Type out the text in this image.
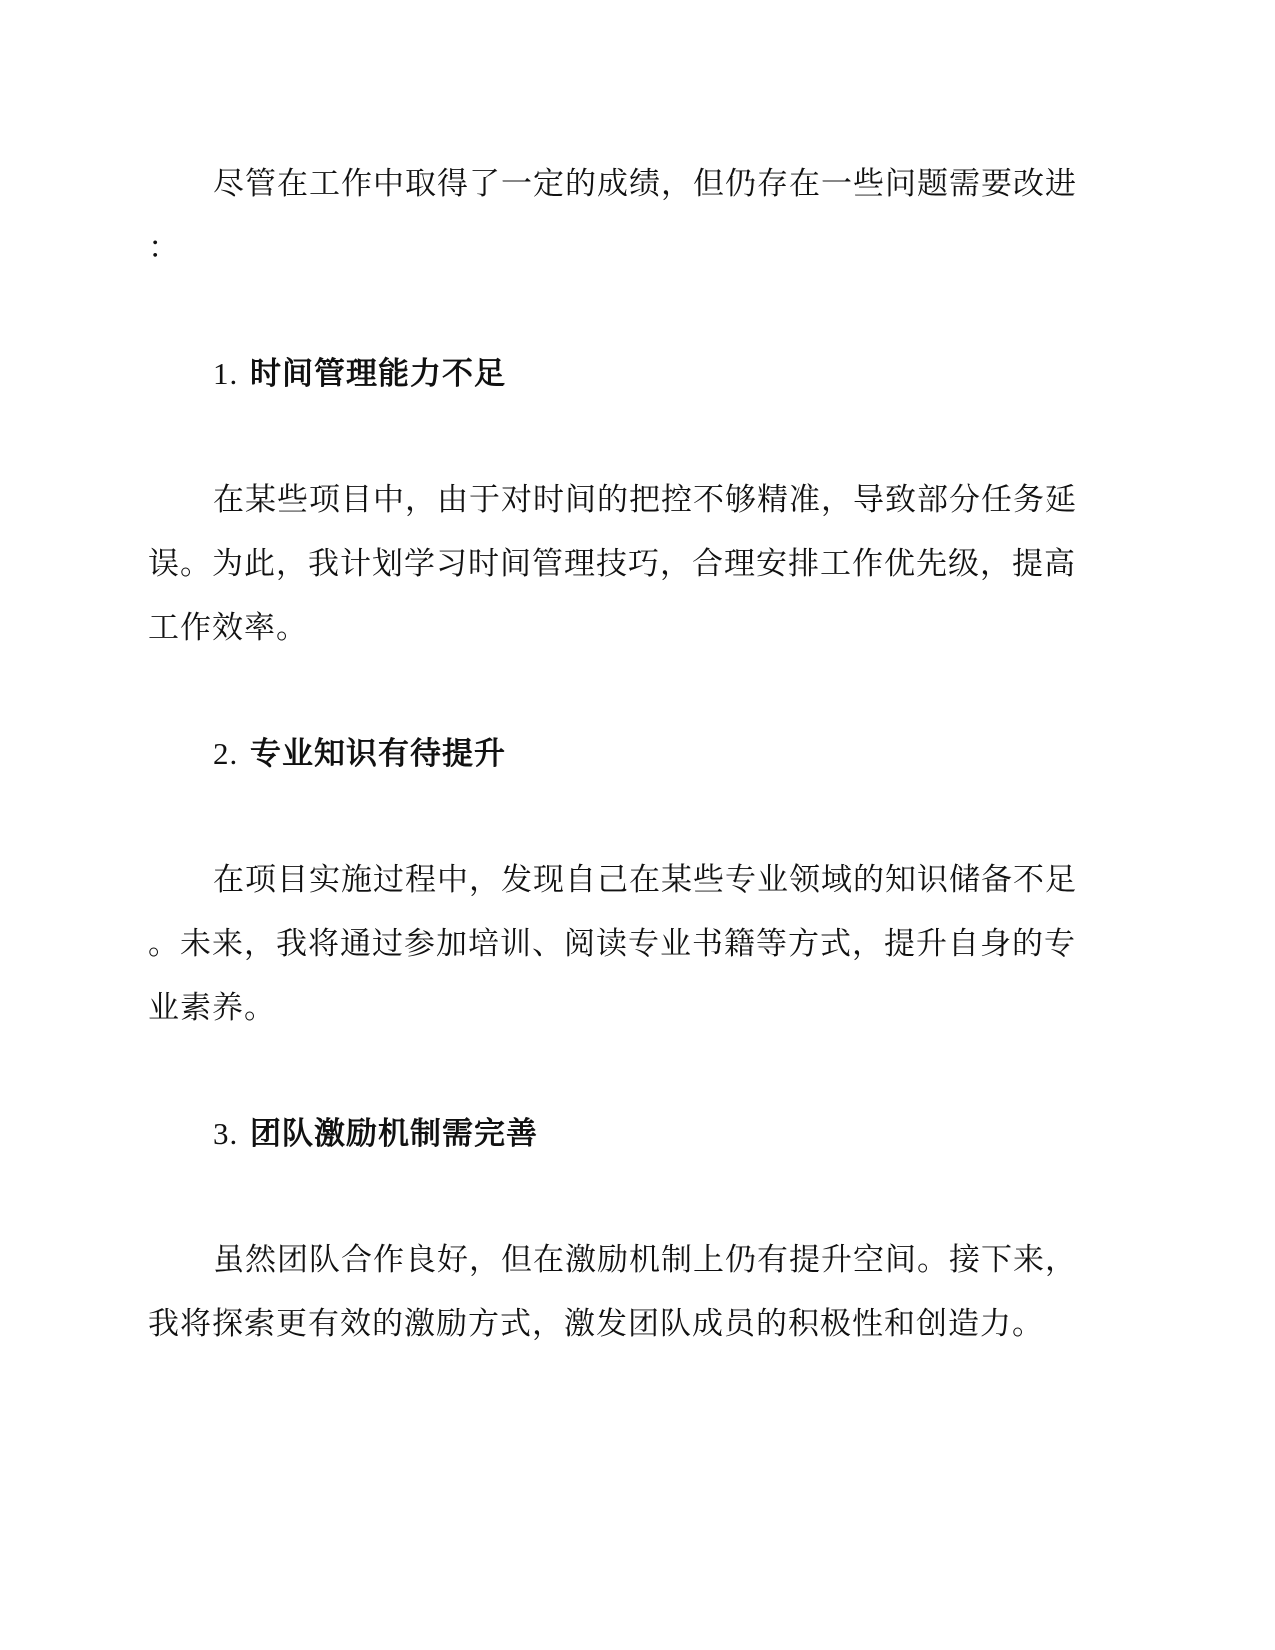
尽管在工作中取得了一定的成绩，但仍存在一些问题需要改进
：
1. 时间管理能力不足
在某些项目中，由于对时间的把控不够精准，导致部分任务延
误。为此，我计划学习时间管理技巧，合理安排工作优先级，提高
工作效率。
2. 专业知识有待提升
在项目实施过程中，发现自己在某些专业领域的知识储备不足
。未来，我将通过参加培训、阅读专业书籍等方式，提升自身的专
业素养。
3. 团队激励机制需完善
虽然团队合作良好，但在激励机制上仍有提升空间。接下来，
我将探索更有效的激励方式，激发团队成员的积极性和创造力。
